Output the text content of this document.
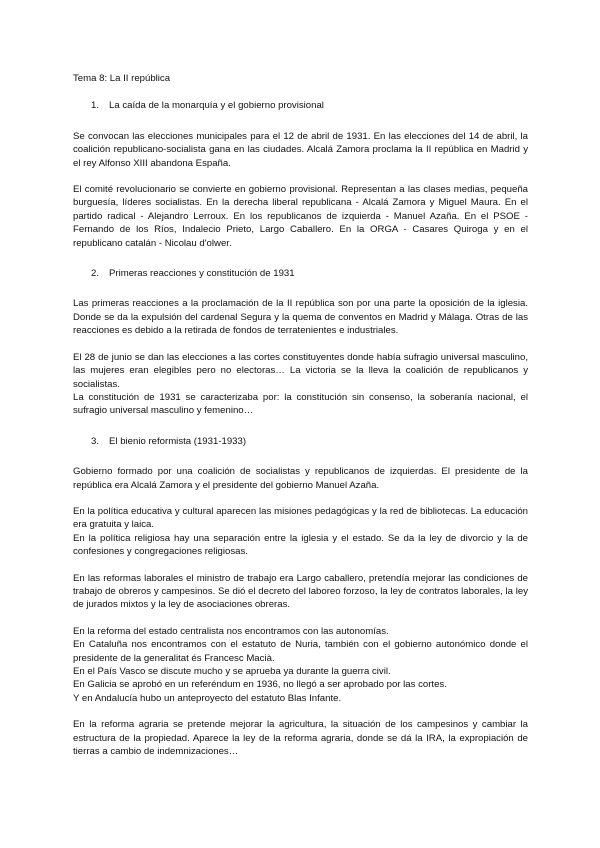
Tema 8: La II república

1.	La caída de la monarquía y el gobierno provisional

Se convocan las elecciones municipales para el 12 de abril de 1931. En las elecciones del 14 de abril, la coalición republicano-socialista gana en las ciudades. Alcalá Zamora proclama la II república en Madrid y el rey Alfonso XIII abandona España.

El comité revolucionario se convierte en gobierno provisional. Representan a las clases medias, pequeña burguesía, líderes socialistas. En la derecha liberal republicana - Alcalá Zamora y Miguel Maura. En el partido radical - Alejandro Lerroux. En los republicanos de izquierda - Manuel Azaña. En el PSOE - Fernando de los Ríos, Indalecio Prieto, Largo Caballero. En la ORGA - Casares Quiroga y en el republicano catalán - Nicolau d'olwer.

2.	Primeras reacciones y constitución de 1931

Las primeras reacciones a la proclamación de la II república son por una parte la oposición de la iglesia. Donde se da la expulsión del cardenal Segura y la quema de conventos en Madrid y Málaga. Otras de las reacciones es debido a la retirada de fondos de terratenientes e industriales.

El 28 de junio se dan las elecciones a las cortes constituyentes donde había sufragio universal masculino, las mujeres eran elegibles pero no electoras… La victoria se la lleva la coalición de republicanos y socialistas.

La constitución de 1931 se caracterizaba por: la constitución sin consenso, la soberanía nacional, el sufragio universal masculino y femenino…

3.	El bienio reformista (1931-1933)

Gobierno formado por una coalición de socialistas y republicanos de izquierdas. El presidente de la república era Alcalá Zamora y el presidente del gobierno Manuel Azaña.

En la política educativa y cultural aparecen las misiones pedagógicas y la red de bibliotecas. La educación era gratuita y laica.

En la política religiosa hay una separación entre la iglesia y el estado. Se da la ley de divorcio y la de confesiones y congregaciones religiosas.

En las reformas laborales el ministro de trabajo era Largo caballero, pretendía mejorar las condiciones de trabajo de obreros y campesinos. Se dió el decreto del laboreo forzoso, la ley de contratos laborales, la ley de jurados mixtos y la ley de asociaciones obreras.

En la reforma del estado centralista nos encontramos con las autonomías.

En Cataluña nos encontramos con el estatuto de Nuria, también con el gobierno autonómico donde el presidente de la generalitat és Francesc Macià.

En el País Vasco se discute mucho y se aprueba ya durante la guerra civil.

En Galicia se aprobó en un referéndum en 1936, no llegó a ser aprobado por las cortes.

Y en Andalucía hubo un anteproyecto del estatuto Blas Infante.

En la reforma agraria se pretende mejorar la agricultura, la situación de los campesinos y cambiar la estructura de la propiedad. Aparece la ley de la reforma agraria, donde se dá la IRA, la expropiación de tierras a cambio de indemnizaciones…
